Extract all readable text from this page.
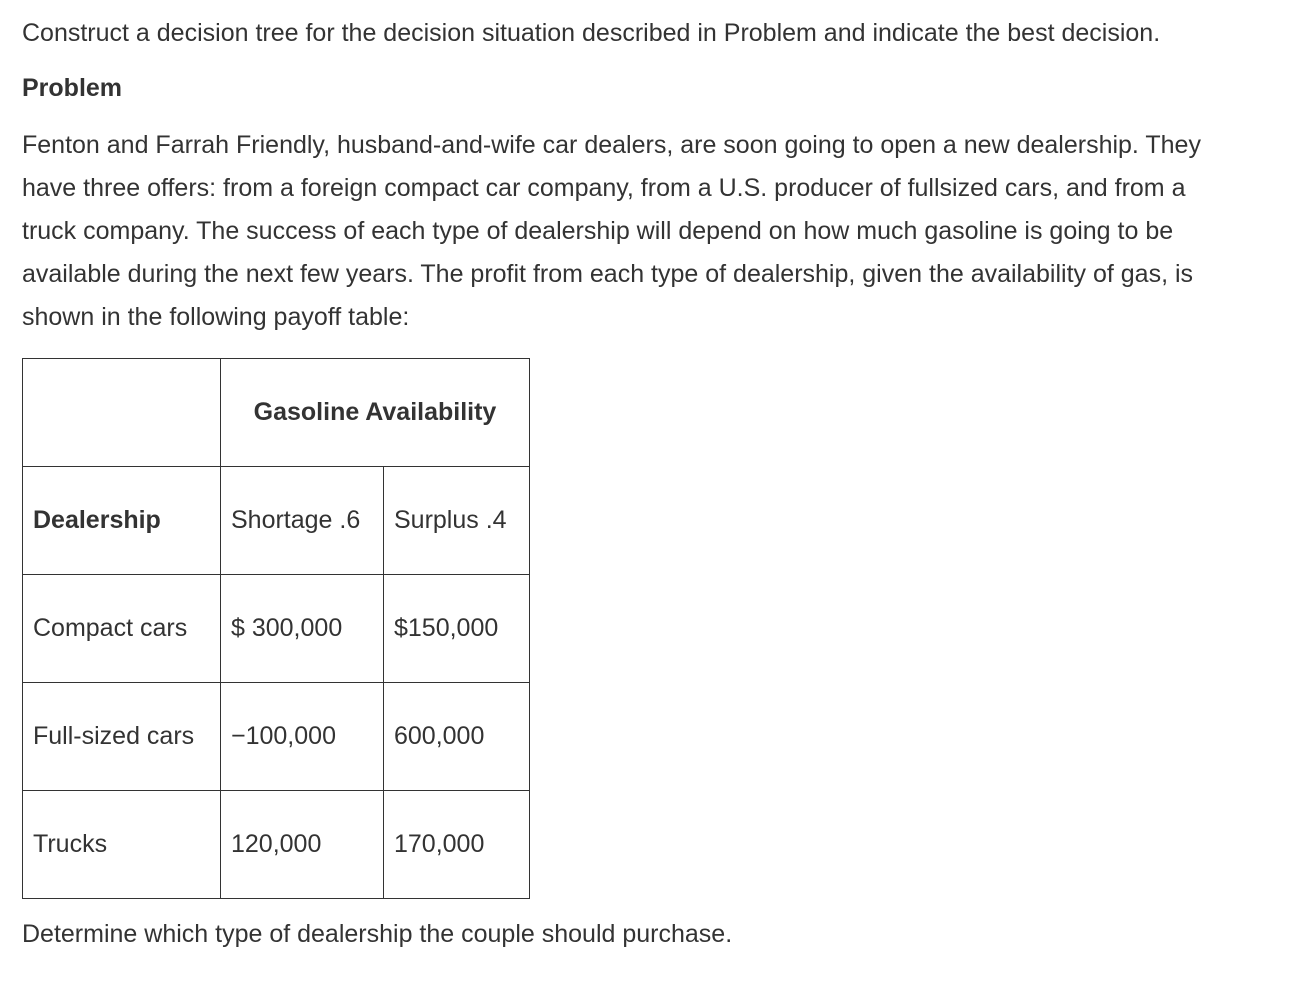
Construct a decision tree for the decision situation described in Problem and indicate the best decision.

Problem

Fenton and Farrah Friendly, husband-and-wife car dealers, are soon going to open a new dealership. They have three offers: from a foreign compact car company, from a U.S. producer of fullsized cars, and from a truck company. The success of each type of dealership will depend on how much gasoline is going to be available during the next few years. The profit from each type of dealership, given the availability of gas, is shown in the following payoff table:

	Gasoline Availability	
Dealership	Shortage .6	Surplus .4
Compact cars	$ 300,000	$150,000
Full-sized cars	−100,000	600,000
Trucks	120,000	170,000

Determine which type of dealership the couple should purchase.
